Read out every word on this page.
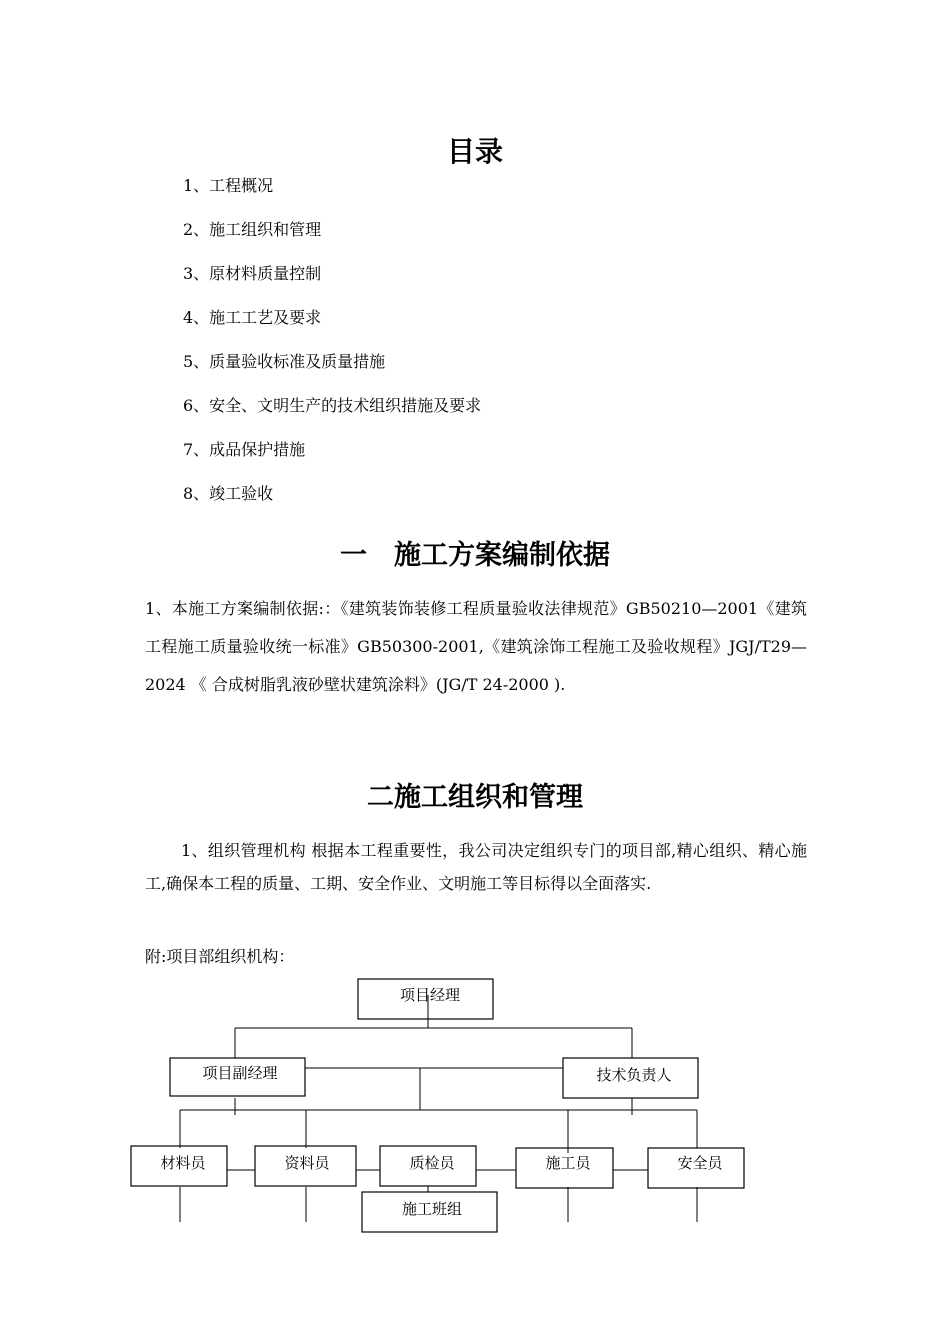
目录
1、工程概况
2、施工组织和管理
3、原材料质量控制
4、施工工艺及要求
5、质量验收标准及质量措施
6、安全、文明生产的技术组织措施及要求
7、成品保护措施
8、竣工验收
一　施工方案编制依据

1、本施工方案编制依据:：《建筑装饰装修工程质量验收法律规范》GB50210—2001《建筑工程施工质量验收统一标准》GB50300-2001,《建筑涂饰工程施工及验收规程》JGJ/T29—2024 《 合成树脂乳液砂壁状建筑涂料》(JG/T 24-2000 ).

二施工组织和管理

1、组织管理机构 根据本工程重要性，我公司决定组织专门的项目部,精心组织、精心施工,确保本工程的质量、工期、安全作业、文明施工等目标得以全面落实.

附:项目部组织机构：

项目经理
项目副经理	技术负责人
材料员	资料员	质检员	施工员	安全员
施工班组
